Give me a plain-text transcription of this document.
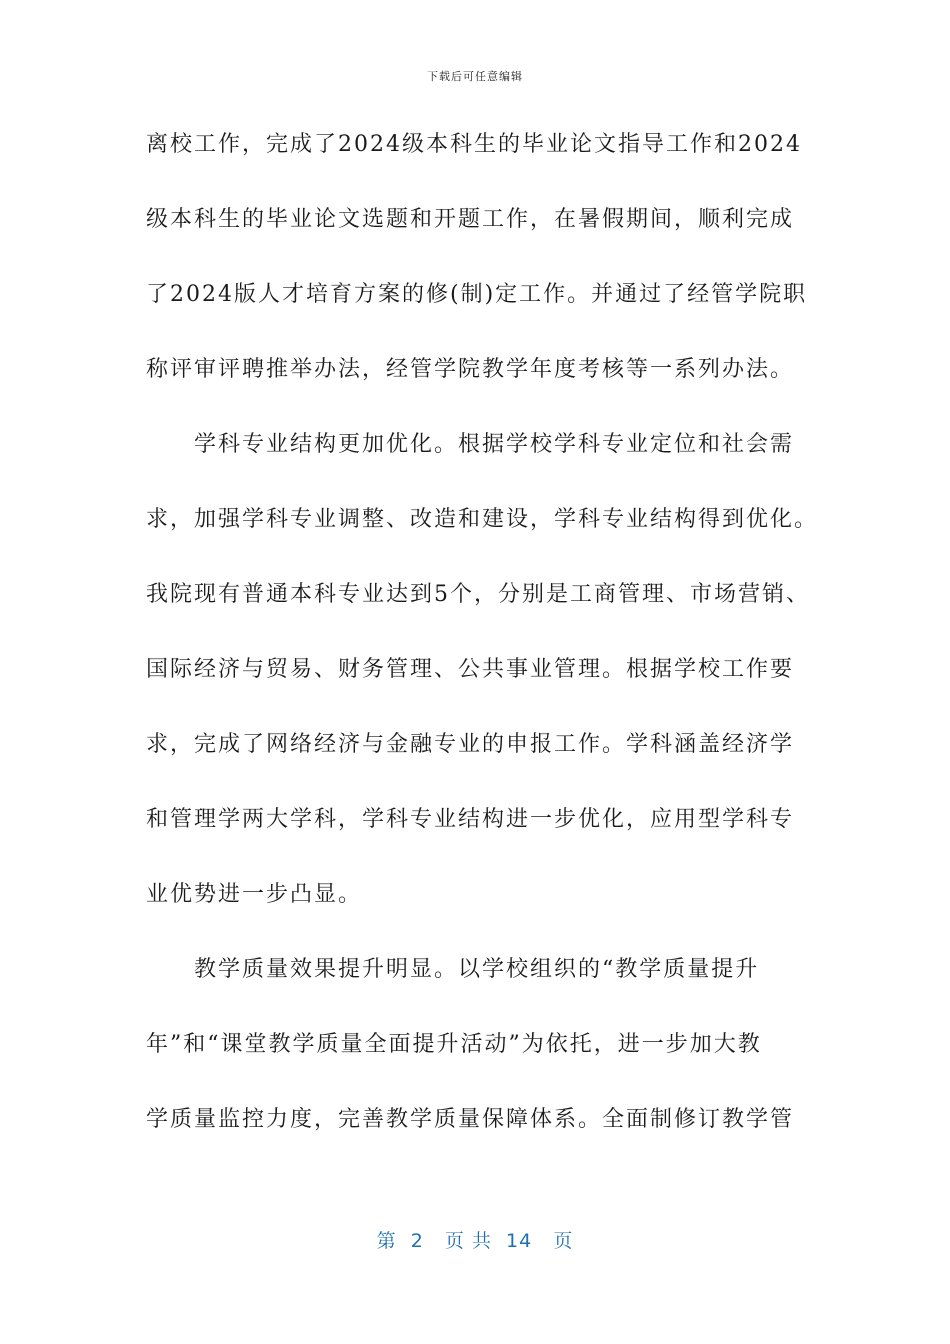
下载后可任意编辑
离校工作，完成了2024级本科生的毕业论文指导工作和2024
级本科生的毕业论文选题和开题工作，在暑假期间，顺利完成
了2024版人才培育方案的修(制)定工作。并通过了经管学院职
称评审评聘推举办法，经管学院教学年度考核等一系列办法。
学科专业结构更加优化。根据学校学科专业定位和社会需
求，加强学科专业调整、改造和建设，学科专业结构得到优化。
我院现有普通本科专业达到5个，分别是工商管理、市场营销、
国际经济与贸易、财务管理、公共事业管理。根据学校工作要
求，完成了网络经济与金融专业的申报工作。学科涵盖经济学
和管理学两大学科，学科专业结构进一步优化，应用型学科专
业优势进一步凸显。
教学质量效果提升明显。以学校组织的“教学质量提升
年”和“课堂教学质量全面提升活动”为依托，进一步加大教
学质量监控力度，完善教学质量保障体系。全面制修订教学管
第  2   页 共  14   页
